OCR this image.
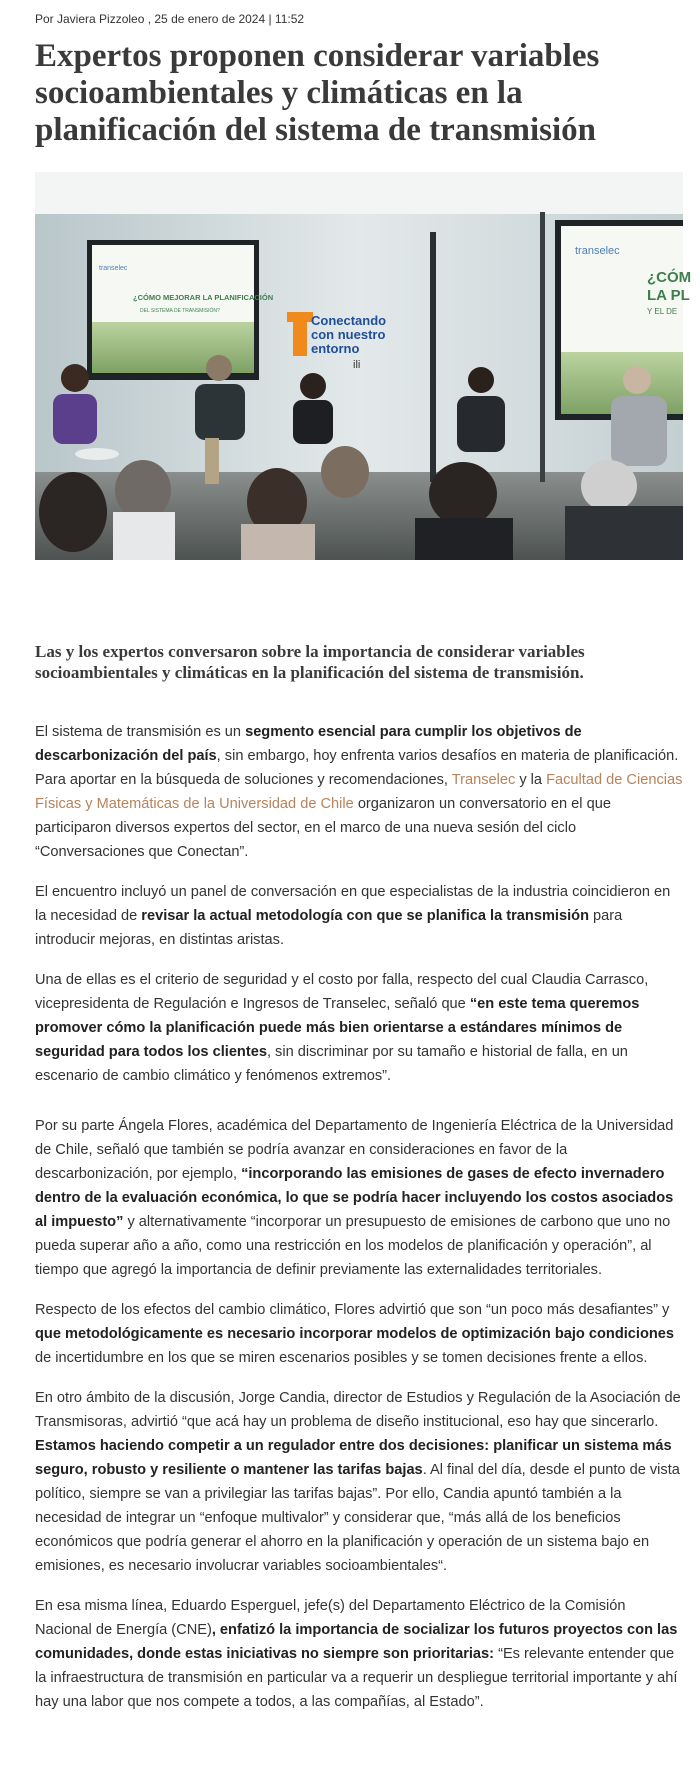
Por Javiera Pizzoleo , 25 de enero de 2024 | 11:52
Expertos proponen considerar variables socioambientales y climáticas en la planificación del sistema de transmisión
transelec
¿CÓMO MEJORAR LA PLANIFICACIÓN
DEL SISTEMA DE TRANSMISIÓN?
Conectando
con nuestro
entorno
ili
transelec
¿CÓM
LA PL
Y EL DE
Las y los expertos conversaron sobre la importancia de considerar variables socioambientales y climáticas en la planificación del sistema de transmisión.

El sistema de transmisión es un segmento esencial para cumplir los objetivos de descarbonización del país, sin embargo, hoy enfrenta varios desafíos en materia de planificación. Para aportar en la búsqueda de soluciones y recomendaciones, Transelec y la Facultad de Ciencias Físicas y Matemáticas de la Universidad de Chile organizaron un conversatorio en el que participaron diversos expertos del sector, en el marco de una nueva sesión del ciclo “Conversaciones que Conectan”.

El encuentro incluyó un panel de conversación en que especialistas de la industria coincidieron en la necesidad de revisar la actual metodología con que se planifica la transmisión para introducir mejoras, en distintas aristas.

Una de ellas es el criterio de seguridad y el costo por falla, respecto del cual Claudia Carrasco, vicepresidenta de Regulación e Ingresos de Transelec, señaló que “en este tema queremos promover cómo la planificación puede más bien orientarse a estándares mínimos de seguridad para todos los clientes, sin discriminar por su tamaño e historial de falla, en un escenario de cambio climático y fenómenos extremos”.

Por su parte Ángela Flores, académica del Departamento de Ingeniería Eléctrica de la Universidad de Chile, señaló que también se podría avanzar en consideraciones en favor de la descarbonización, por ejemplo, “incorporando las emisiones de gases de efecto invernadero dentro de la evaluación económica, lo que se podría hacer incluyendo los costos asociados al impuesto” y alternativamente “incorporar un presupuesto de emisiones de carbono que uno no pueda superar año a año, como una restricción en los modelos de planificación y operación”, al tiempo que agregó la importancia de definir previamente las externalidades territoriales.

Respecto de los efectos del cambio climático, Flores advirtió que son “un poco más desafiantes” y que metodológicamente es necesario incorporar modelos de optimización bajo condiciones de incertidumbre en los que se miren escenarios posibles y se tomen decisiones frente a ellos.

En otro ámbito de la discusión, Jorge Candia, director de Estudios y Regulación de la Asociación de Transmisoras, advirtió “que acá hay un problema de diseño institucional, eso hay que sincerarlo. Estamos haciendo competir a un regulador entre dos decisiones: planificar un sistema más seguro, robusto y resiliente o mantener las tarifas bajas. Al final del día, desde el punto de vista político, siempre se van a privilegiar las tarifas bajas”. Por ello, Candia apuntó también a la necesidad de integrar un “enfoque multivalor” y considerar que, “más allá de los beneficios económicos que podría generar el ahorro en la planificación y operación de un sistema bajo en emisiones, es necesario involucrar variables socioambientales“.

En esa misma línea, Eduardo Esperguel, jefe(s) del Departamento Eléctrico de la Comisión Nacional de Energía (CNE), enfatizó la importancia de socializar los futuros proyectos con las comunidades, donde estas iniciativas no siempre son prioritarias: “Es relevante entender que la infraestructura de transmisión en particular va a requerir un despliegue territorial importante y ahí hay una labor que nos compete a todos, a las compañías, al Estado”.
